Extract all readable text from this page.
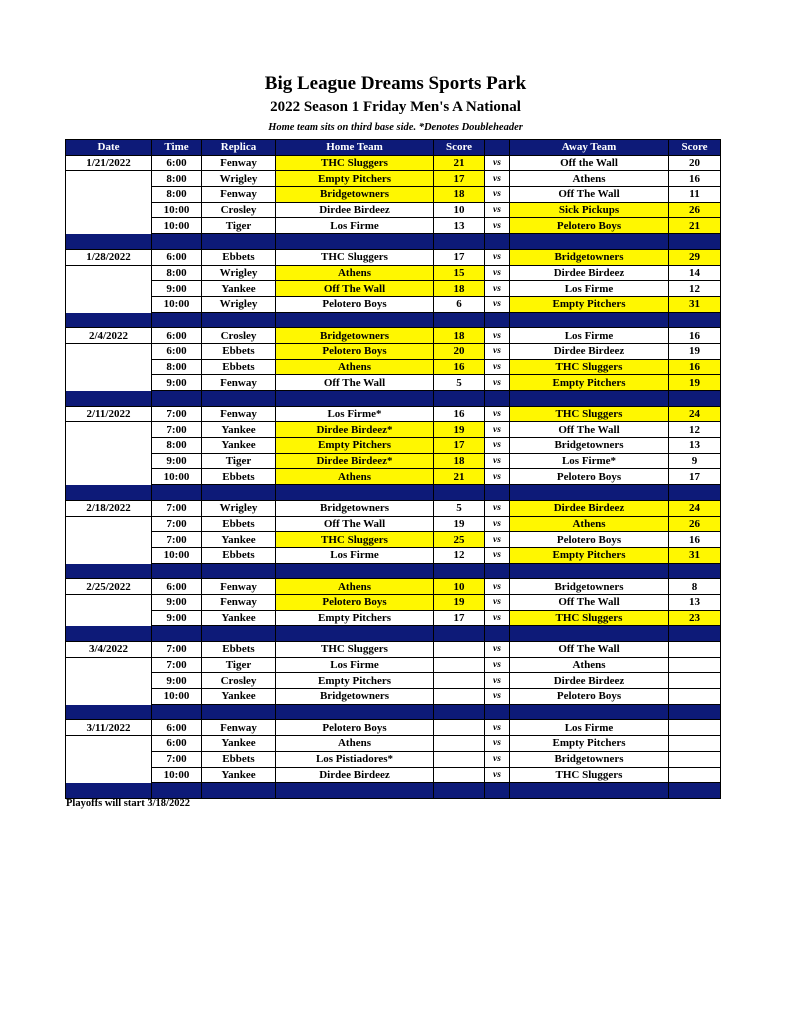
Big League Dreams Sports Park
2022 Season 1 Friday Men's A National
Home team sits on third base side. *Denotes Doubleheader
Date	Time	Replica	Home Team	Score		Away Team	Score
1/21/2022	6:00	Fenway	THC Sluggers	21	vs	Off the Wall	20
	8:00	Wrigley	Empty Pitchers	17	vs	Athens	16
	8:00	Fenway	Bridgetowners	18	vs	Off The Wall	11
	10:00	Crosley	Dirdee Birdeez	10	vs	Sick Pickups	26
	10:00	Tiger	Los Firme	13	vs	Pelotero Boys	21

1/28/2022	6:00	Ebbets	THC Sluggers	17	vs	Bridgetowners	29
	8:00	Wrigley	Athens	15	vs	Dirdee Birdeez	14
	9:00	Yankee	Off The Wall	18	vs	Los Firme	12
	10:00	Wrigley	Pelotero Boys	6	vs	Empty Pitchers	31

2/4/2022	6:00	Crosley	Bridgetowners	18	vs	Los Firme	16
	6:00	Ebbets	Pelotero Boys	20	vs	Dirdee Birdeez	19
	8:00	Ebbets	Athens	16	vs	THC Sluggers	16
	9:00	Fenway	Off The Wall	5	vs	Empty Pitchers	19

2/11/2022	7:00	Fenway	Los Firme*	16	vs	THC Sluggers	24
	7:00	Yankee	Dirdee Birdeez*	19	vs	Off The Wall	12
	8:00	Yankee	Empty Pitchers	17	vs	Bridgetowners	13
	9:00	Tiger	Dirdee Birdeez*	18	vs	Los Firme*	9
	10:00	Ebbets	Athens	21	vs	Pelotero Boys	17

2/18/2022	7:00	Wrigley	Bridgetowners	5	vs	Dirdee Birdeez	24
	7:00	Ebbets	Off The Wall	19	vs	Athens	26
	7:00	Yankee	THC Sluggers	25	vs	Pelotero Boys	16
	10:00	Ebbets	Los Firme	12	vs	Empty Pitchers	31

2/25/2022	6:00	Fenway	Athens	10	vs	Bridgetowners	8
	9:00	Fenway	Pelotero Boys	19	vs	Off The Wall	13
	9:00	Yankee	Empty Pitchers	17	vs	THC Sluggers	23

3/4/2022	7:00	Ebbets	THC Sluggers		vs	Off The Wall	
	7:00	Tiger	Los Firme		vs	Athens	
	9:00	Crosley	Empty Pitchers		vs	Dirdee Birdeez	
	10:00	Yankee	Bridgetowners		vs	Pelotero Boys	

3/11/2022	6:00	Fenway	Pelotero Boys		vs	Los Firme	
	6:00	Yankee	Athens		vs	Empty Pitchers	
	7:00	Ebbets	Los Pistiadores*		vs	Bridgetowners	
	10:00	Yankee	Dirdee Birdeez		vs	THC Sluggers	

Playoffs will start 3/18/2022
